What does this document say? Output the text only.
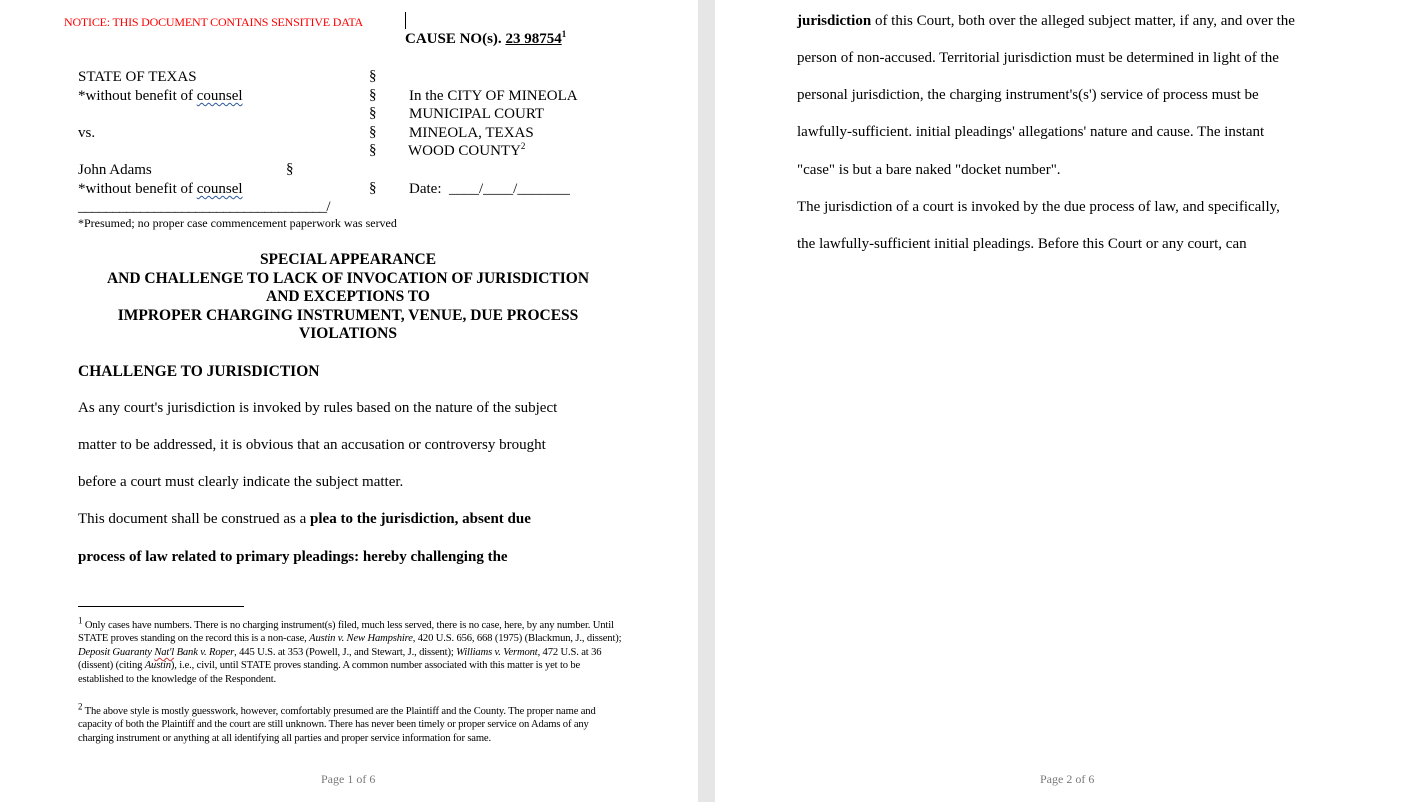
NOTICE: THIS DOCUMENT CONTAINS SENSITIVE DATA
CAUSE NO(s). 23 98754$^1$
STATE OF TEXAS
*without benefit of counsel
vs.
John Adams
*without benefit of counsel
§
§
§
§
§
§
§
In the CITY OF MINEOLA
MUNICIPAL COURT
MINEOLA, TEXAS
WOOD COUNTY$^2$
Date: ____/____/_______
____________________________________/
*Presumed; no proper case commencement paperwork was served
SPECIAL APPEARANCE
AND CHALLENGE TO LACK OF INVOCATION OF JURISDICTION
AND EXCEPTIONS TO
IMPROPER CHARGING INSTRUMENT, VENUE, DUE PROCESS
VIOLATIONS
CHALLENGE TO JURISDICTION
As any court's jurisdiction is invoked by rules based on the nature of the subject
matter to be addressed, it is obvious that an accusation or controversy brought
before a court must clearly indicate the subject matter.
This document shall be construed as a plea to the jurisdiction, absent due
process of law related to primary pleadings: hereby challenging the
$^1$ Only cases have numbers. There is no charging instrument(s) filed, much less served, there is no case, here, by any number. Until STATE proves standing on the record this is a non-case, Austin v. New Hampshire, 420 U.S. 656, 668 (1975) (Blackmun, J., dissent); Deposit Guaranty Nat'l Bank v. Roper, 445 U.S. at 353 (Powell, J., and Stewart, J., dissent); Williams v. Vermont, 472 U.S. at 36 (dissent) (citing Austin), i.e., civil, until STATE proves standing. A common number associated with this matter is yet to be established to the knowledge of the Respondent.
$^2$ The above style is mostly guesswork, however, comfortably presumed are the Plaintiff and the County. The proper name and capacity of both the Plaintiff and the court are still unknown. There has never been timely or proper service on Adams of any charging instrument or anything at all identifying all parties and proper service information for same.
Page 1 of 6
jurisdiction of this Court, both over the alleged subject matter, if any, and over the
person of non-accused. Territorial jurisdiction must be determined in light of the
personal jurisdiction, the charging instrument's(s') service of process must be
lawfully-sufficient. initial pleadings' allegations' nature and cause. The instant
"case" is but a bare naked "docket number".
The jurisdiction of a court is invoked by the due process of law, and specifically,
the lawfully-sufficient initial pleadings. Before this Court or any court, can
Page 2 of 6
